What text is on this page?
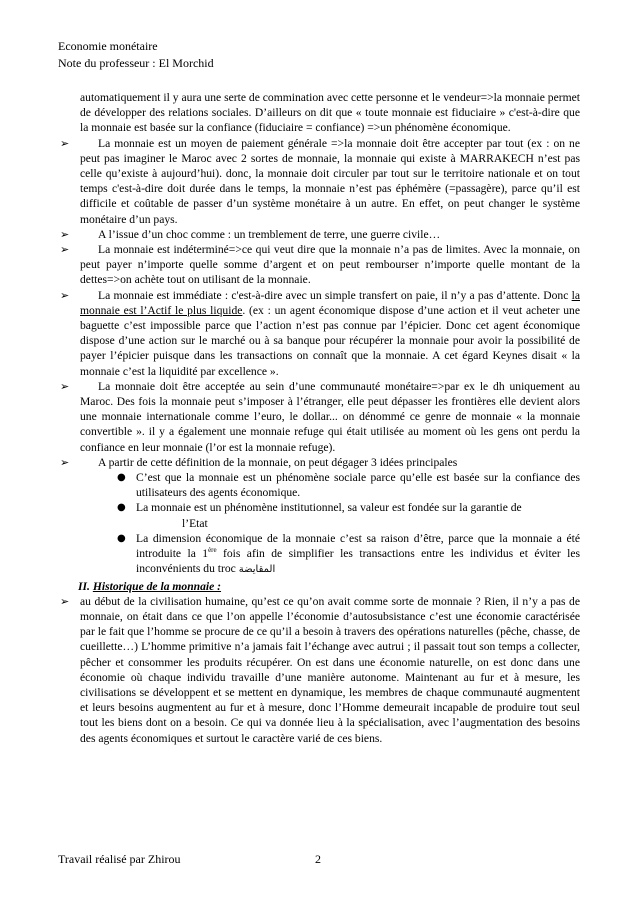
Economie monétaire
Note du professeur : El Morchid

automatiquement il y aura une serte de commination avec cette personne et le vendeur=>la monnaie permet de développer des relations sociales. D’ailleurs on dit que « toute monnaie est fiduciaire » c'est-à-dire que la monnaie est basée sur la confiance (fiduciaire = confiance) =>un phénomène économique.

➢ La monnaie est un moyen de paiement générale =>la monnaie doit être accepter par tout (ex : on ne peut pas imaginer le Maroc avec 2 sortes de monnaie, la monnaie qui existe à MARRAKECH n’est pas celle qu’existe à aujourd’hui). donc, la monnaie doit circuler par tout sur le territoire nationale et on tout temps c'est-à-dire doit durée dans le temps, la monnaie n’est pas éphémère (=passagère), parce qu’il est difficile et coûtable de passer d’un système monétaire à un autre. En effet, on peut changer le système monétaire d’un pays.
➢ A l’issue d’un choc comme : un tremblement de terre, une guerre civile…
➢ La monnaie est indéterminé=>ce qui veut dire que la monnaie n’a pas de limites. Avec la monnaie, on peut payer n’importe quelle somme d’argent et on peut rembourser n’importe quelle montant de la dettes=>on achète tout on utilisant de la monnaie.
➢ La monnaie est immédiate : c'est-à-dire avec un simple transfert on paie, il n’y a pas d’attente. Donc la monnaie est l’Actif le plus liquide. (ex : un agent économique dispose d’une action et il veut acheter une baguette c’est impossible parce que l’action n’est pas connue par l’épicier. Donc cet agent économique dispose d’une action sur le marché ou à sa banque pour récupérer la monnaie pour avoir la possibilité de payer l’épicier puisque dans les transactions on connaît que la monnaie. A cet égard Keynes disait « la monnaie c’est la liquidité par excellence ».
➢ La monnaie doit être acceptée au sein d’une communauté monétaire=>par ex le dh uniquement au Maroc. Des fois la monnaie peut s’imposer à l’étranger, elle peut dépasser les frontières elle devient alors une monnaie internationale comme l’euro, le dollar... on dénommé ce genre de monnaie « la monnaie convertible ». il y a également une monnaie refuge qui était utilisée au moment où les gens ont perdu la confiance en leur monnaie (l’or est la monnaie refuge).
➢ A partir de cette définition de la monnaie, on peut dégager 3 idées principales
● C’est que la monnaie est un phénomène sociale parce qu’elle est basée sur la confiance des utilisateurs des agents économique.
● La monnaie est un phénomène institutionnel, sa valeur est fondée sur la garantie de
l’Etat
● La dimension économique de la monnaie c’est sa raison d’être, parce que la monnaie a été introduite la 1ère fois afin de simplifier les transactions entre les individus et éviter les inconvénients du troc المقايضة
II. Historique de la monnaie :
➢ au début de la civilisation humaine, qu’est ce qu’on avait comme sorte de monnaie ? Rien, il n’y a pas de monnaie, on était dans ce que l’on appelle l’économie d’autosubsistance c’est une économie caractérisée par le fait que l’homme se procure de ce qu’il a besoin à travers des opérations naturelles (pêche, chasse, de cueillette…) L’homme primitive n’a jamais fait l’échange avec autrui ; il passait tout son temps a collecter, pêcher et consommer les produits récupérer. On est dans une économie naturelle, on est donc dans une économie où chaque individu travaille d’une manière autonome. Maintenant au fur et à mesure, les civilisations se développent et se mettent en dynamique, les membres de chaque communauté augmentent et leurs besoins augmentent au fur et à mesure, donc l’Homme demeurait incapable de produire tout seul tout les biens dont on a besoin. Ce qui va donnée lieu à la spécialisation, avec l’augmentation des besoins des agents économiques et surtout le caractère varié de ces biens.
Travail réalisé par Zhirou	2
